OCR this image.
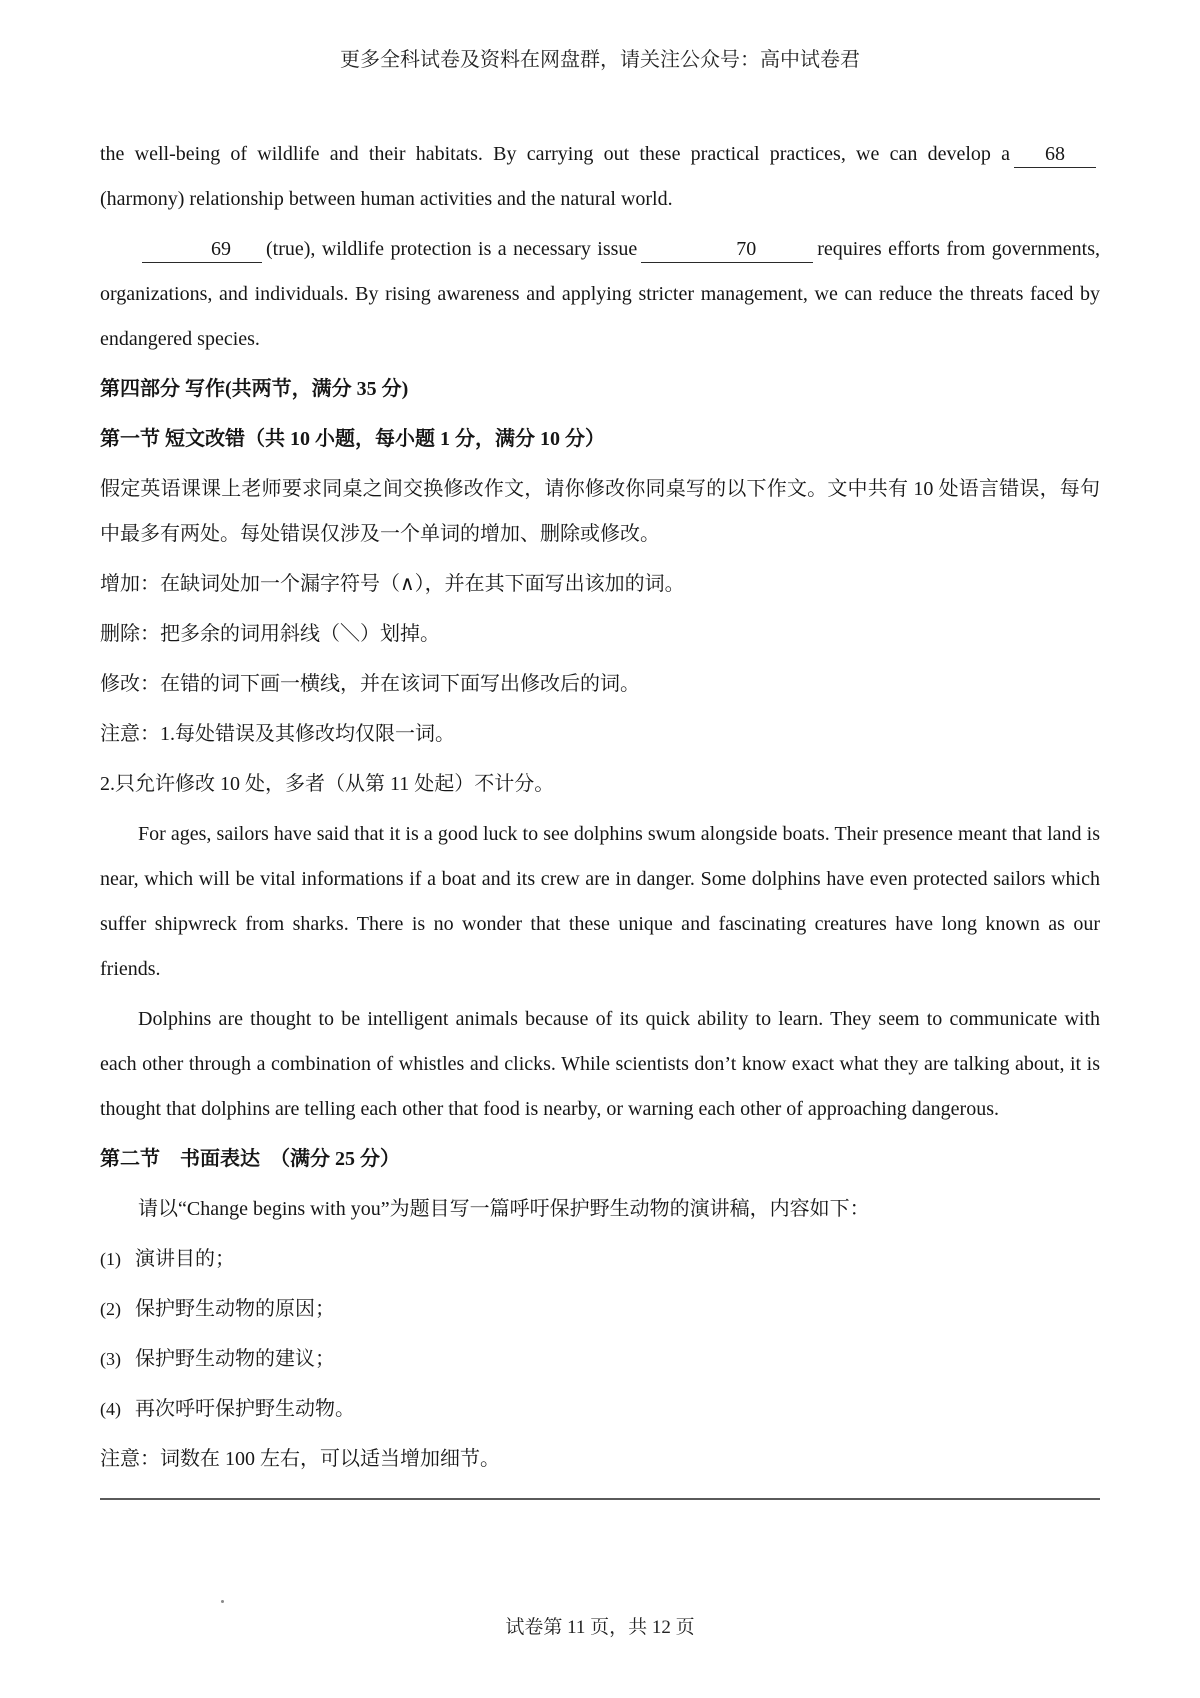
更多全科试卷及资料在网盘群，请关注公众号：高中试卷君

the well-being of wildlife and their habitats. By carrying out these practical practices, we can develop a 68(harmony) relationship between human activities and the natural world.

69 (true), wildlife protection is a necessary issue	70	requires efforts from governments, organizations, and individuals. By rising awareness and applying stricter management, we can reduce the threats faced by endangered species.

第四部分 写作(共两节，满分 35 分)
第一节 短文改错（共 10 小题，每小题 1 分，满分 10 分）

假定英语课课上老师要求同桌之间交换修改作文，请你修改你同桌写的以下作文。文中共有 10 处语言错误，每句中最多有两处。每处错误仅涉及一个单词的增加、删除或修改。

增加：在缺词处加一个漏字符号（∧），并在其下面写出该加的词。
删除：把多余的词用斜线（＼）划掉。
修改：在错的词下画一横线，并在该词下面写出修改后的词。
注意：1.每处错误及其修改均仅限一词。
2.只允许修改 10 处，多者（从第 11 处起）不计分。

For ages, sailors have said that it is a good luck to see dolphins swum alongside boats. Their presence meant that land is near, which will be vital informations if a boat and its crew are in danger. Some dolphins have even protected sailors which suffer shipwreck from sharks. There is no wonder that these unique and fascinating creatures have long known as our friends.

Dolphins are thought to be intelligent animals because of its quick ability to learn. They seem to communicate with each other through a combination of whistles and clicks. While scientists don’t know exact what they are talking about, it is thought that dolphins are telling each other that food is nearby, or warning each other of approaching dangerous.

第二节　书面表达　（满分 25 分）

请以“Change begins with you”为题目写一篇呼吁保护野生动物的演讲稿，内容如下：

(1) 演讲目的；
(2) 保护野生动物的原因；
(3) 保护野生动物的建议；
(4) 再次呼吁保护野生动物。
注意：词数在 100 左右，可以适当增加细节。
试卷第 11 页，共 12 页
